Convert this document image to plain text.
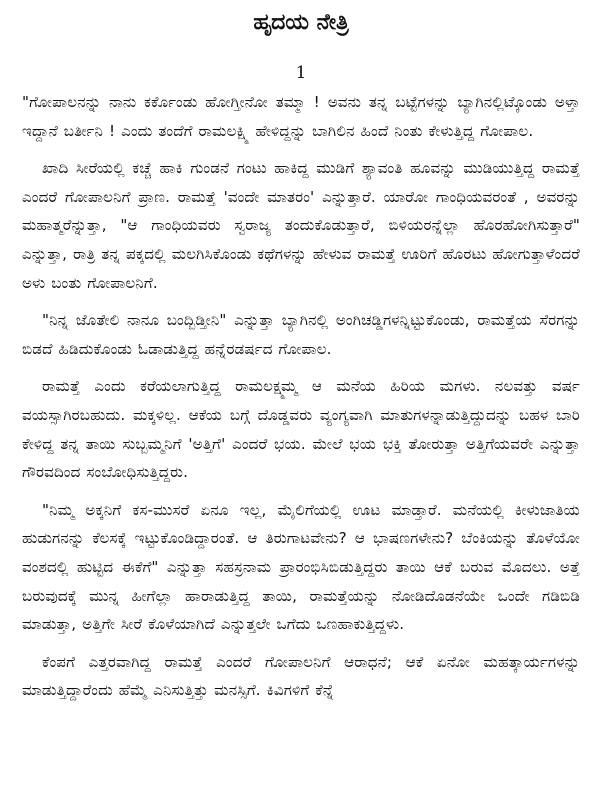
ಹೃದಯ ನೇತ್ರಿ
1

"ಗೋಪಾಲನನ್ನು ನಾನು ಕರ್ಕೊಂಡು ಹೋಗ್ತೀನೋ ತಮ್ಮಾ ! ಅವನು ತನ್ನ ಬಟ್ಟೆಗಳನ್ನು ಬ್ಯಾಗಿನಲ್ಲಿಟ್ಕೊಂಡು ಅಳ್ತಾ ಇದ್ದಾನೆ ಬರ್ತೀನಿ ! ಎಂದು ತಂದೆಗೆ ರಾಮಲಕ್ಷ್ಮಿ ಹೇಳಿದ್ದನ್ನು ಬಾಗಿಲಿನ ಹಿಂದೆ ನಿಂತು ಕೇಳುತ್ತಿದ್ದ ಗೋಪಾಲ.

ಖಾದಿ ಸೀರೆಯಲ್ಲಿ ಕಚ್ಚೆ ಹಾಕಿ ಗುಂಡನೆ ಗಂಟು ಹಾಕಿದ್ದ ಮುಡಿಗೆ ಶ್ಯಾವಂತಿ ಹೂವನ್ನು ಮುಡಿಯುತ್ತಿದ್ದ ರಾಮತ್ತೆ ಎಂದರೆ ಗೋಪಾಲನಿಗೆ ಪ್ರಾಣ. ರಾಮತ್ತೆ 'ವಂದೇ ಮಾತರಂ' ಎನ್ನುತ್ತಾರೆ. ಯಾರೋ ಗಾಂಧಿಯವರಂತೆ , ಅವರನ್ನು ಮಹಾತ್ಮರೆನ್ನುತ್ತಾ, "ಆ ಗಾಂಧಿಯವರು ಸ್ವರಾಜ್ಯ ತಂದುಕೊಡುತ್ತಾರೆ, ಬಿಳಿಯರನ್ನೆಲ್ಲಾ ಹೊರಹೋಗಿಸುತ್ತಾರೆ" ಎನ್ನುತ್ತಾ, ರಾತ್ರಿ ತನ್ನ ಪಕ್ಕದಲ್ಲಿ ಮಲಗಿಸಿಕೊಂಡು ಕಥೆಗಳನ್ನು ಹೇಳುವ ರಾಮತ್ತೆ ಊರಿಗೆ ಹೊರಟು ಹೋಗುತ್ತಾಳೆಂದರೆ ಅಳು ಬಂತು ಗೋಪಾಲನಿಗೆ.

"ನಿನ್ನ ಜೊತೇಲಿ ನಾನೂ ಬಂದ್ಬಿಡ್ತೀನಿ" ಎನ್ನುತ್ತಾ ಬ್ಯಾಗಿನಲ್ಲಿ ಅಂಗಿಚಡ್ಡಿಗಳನ್ನಿಟ್ಟುಕೊಂಡು, ರಾಮತ್ತೆಯ ಸೆರಗನ್ನು ಬಿಡದೆ ಹಿಡಿದುಕೊಂಡು ಓಡಾಡುತ್ತಿದ್ದ ಹನ್ನೆರಡರ್ಷದ ಗೋಪಾಲ.

ರಾಮತ್ತೆ ಎಂದು ಕರೆಯಲಾಗುತ್ತಿದ್ದ ರಾಮಲಕ್ಷ್ಮಮ್ಮ ಆ ಮನೆಯ ಹಿರಿಯ ಮಗಳು. ನಲವತ್ತು ವರ್ಷ ವಯಸ್ಸಾಗಿರಬಹುದು. ಮಕ್ಕಳಿಲ್ಲ. ಆಕೆಯ ಬಗ್ಗೆ ದೊಡ್ಡವರು ವ್ಯಂಗ್ಯವಾಗಿ ಮಾತುಗಳನ್ನಾಡುತ್ತಿದ್ದುದನ್ನು ಬಹಳ ಬಾರಿ ಕೇಳಿದ್ದ ತನ್ನ ತಾಯಿ ಸುಬ್ಬಮ್ಮನಿಗೆ 'ಅತ್ತಿಗೆ' ಎಂದರೆ ಭಯ. ಮೇಲೆ ಭಯ ಭಕ್ತಿ ತೋರುತ್ತಾ ಅತ್ತಿಗೆಯವರೇ ಎನ್ನುತ್ತಾ ಗೌರವದಿಂದ ಸಂಬೋಧಿಸುತ್ತಿದ್ದರು.

"ನಿಮ್ಮ ಅಕ್ಕನಿಗೆ ಕಸ-ಮುಸರೆ ಏನೂ ಇಲ್ಲ, ಮೈಲಿಗೆಯಲ್ಲಿ ಊಟ ಮಾಡ್ತಾರೆ. ಮನೆಯಲ್ಲಿ ಕೀಳುಜಾತಿಯ ಹುಡುಗನನ್ನು ಕೆಲಸಕ್ಕೆ ಇಟ್ಟುಕೊಂಡಿದ್ದಾರಂತೆ. ಆ ತಿರುಗಾಟವೇನು? ಆ ಭಾಷಣಗಳೇನು? ಬೆಂಕಿಯನ್ನು ತೊಳೆಯೋ ವಂಶದಲ್ಲಿ ಹುಟ್ಟಿದ ಈಕೆಗೆ" ಎನ್ನುತ್ತಾ ಸಹಸ್ರನಾಮ ಪ್ರಾರಂಭಿಸಿಬಿಡುತ್ತಿದ್ದರು ತಾಯಿ ಆಕೆ ಬರುವ ಮೊದಲು. ಅತ್ತೆ ಬರುವುದಕ್ಕೆ ಮುನ್ನ ಹೀಗೆಲ್ಲಾ ಹಾರಾಡುತ್ತಿದ್ದ ತಾಯಿ, ರಾಮತ್ತೆಯನ್ನು ನೋಡಿದೊಡನೆಯೇ ಒಂದೇ ಗಡಿಬಿಡಿ ಮಾಡುತ್ತಾ, ಅತ್ತಿಗೇ ಸೀರೆ ಕೊಳೆಯಾಗಿದೆ ಎನ್ನುತ್ತಲೇ ಒಗೆದು ಒಣಹಾಕುತ್ತಿದ್ದಳು.

ಕೆಂಪಗೆ ಎತ್ತರವಾಗಿದ್ದ ರಾಮತ್ತೆ ಎಂದರೆ ಗೋಪಾಲನಿಗೆ ಆರಾಧನೆ; ಆಕೆ ಏನೋ ಮಹತ್ಕಾರ್ಯಗಳನ್ನು ಮಾಡುತ್ತಿದ್ದಾರೆಂದು ಹೆಮ್ಮೆ ಎನಿಸುತ್ತಿತ್ತು ಮನಸ್ಸಿಗೆ. ಕಿವಿಗಳಿಗೆ ಕೆನ್ನೆ
